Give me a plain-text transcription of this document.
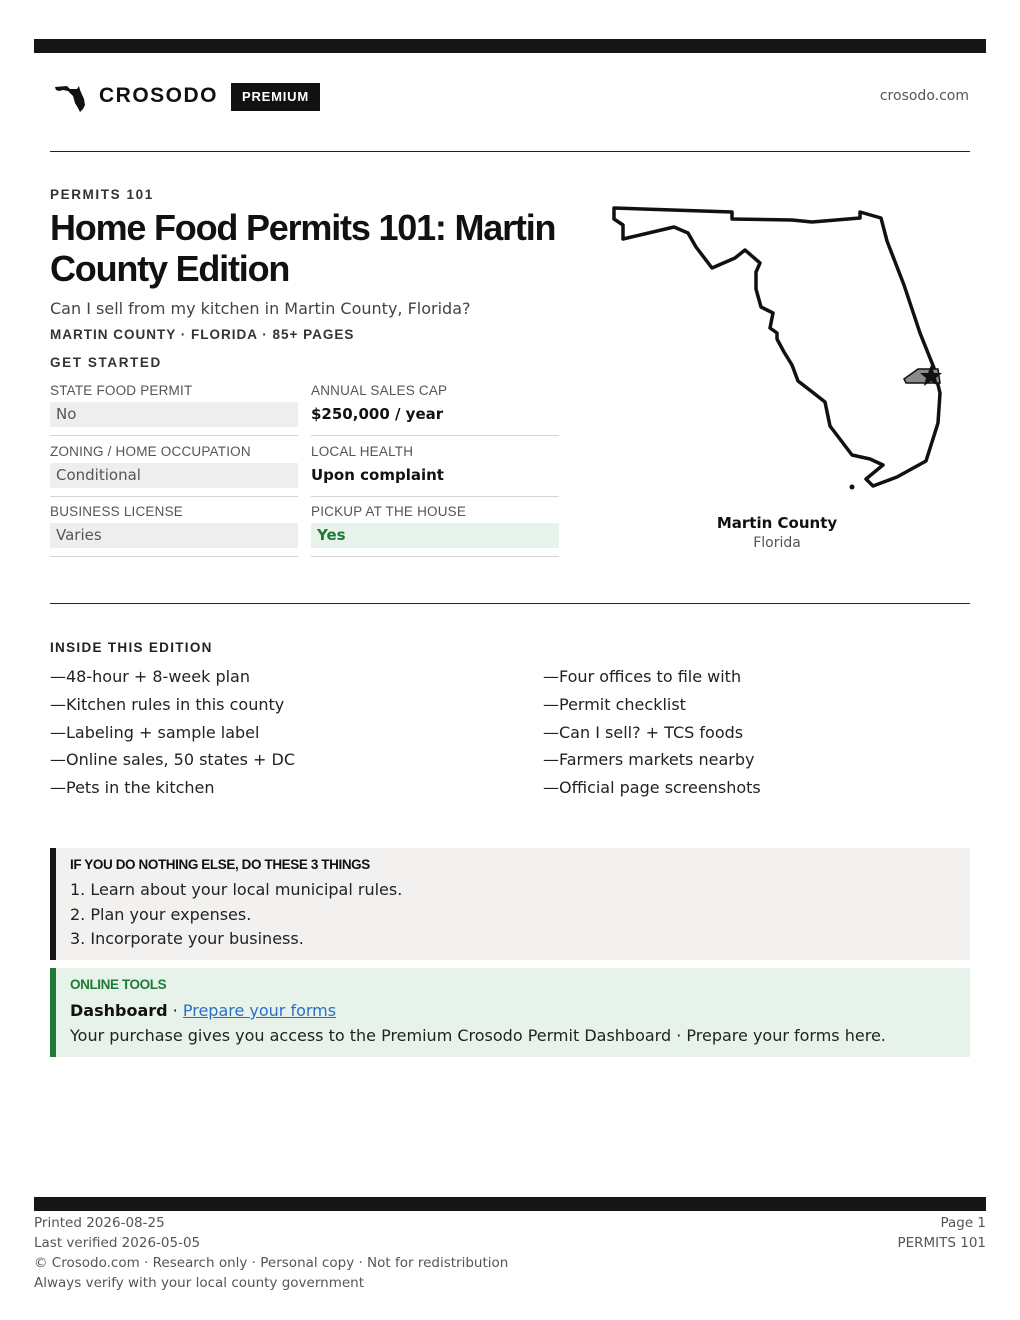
CROSODO	PREMIUM	crosodo.com
PERMITS 101
Home Food Permits 101: Martin County Edition
Can I sell from my kitchen in Martin County, Florida?
MARTIN COUNTY · FLORIDA · 85+ PAGES
GET STARTED
STATE FOOD PERMIT
No
ANNUAL SALES CAP
$250,000 / year
ZONING / HOME OCCUPATION
Conditional
LOCAL HEALTH
Upon complaint
BUSINESS LICENSE
Varies
PICKUP AT THE HOUSE
Yes
Martin County
Florida
INSIDE THIS EDITION
—48-hour + 8-week plan
—Kitchen rules in this county
—Labeling + sample label
—Online sales, 50 states + DC
—Pets in the kitchen
—Four offices to file with
—Permit checklist
—Can I sell? + TCS foods
—Farmers markets nearby
—Official page screenshots
IF YOU DO NOTHING ELSE, DO THESE 3 THINGS
1. Learn about your local municipal rules.
2. Plan your expenses.
3. Incorporate your business.
ONLINE TOOLS
Dashboard · Prepare your forms
Your purchase gives you access to the Premium Crosodo Permit Dashboard · Prepare your forms here.
Printed 2026-08-25
Last verified 2026-05-05
© Crosodo.com · Research only · Personal copy · Not for redistribution
Always verify with your local county government
Page 1
PERMITS 101
